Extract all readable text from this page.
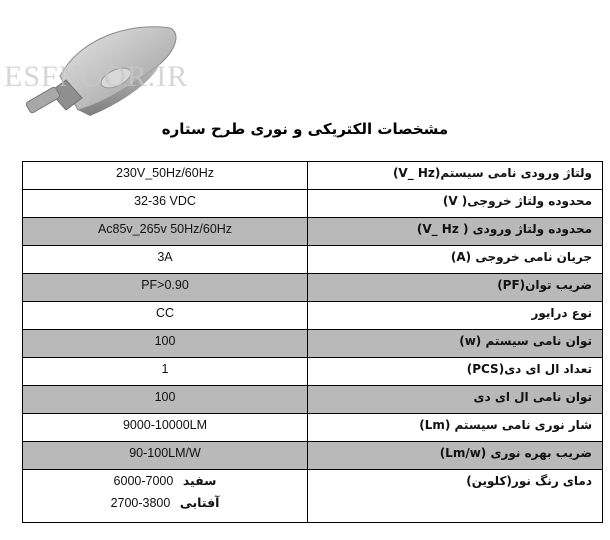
ESFNOOR.IR
مشخصات الکتریکی و نوری طرح ستاره
230V_50Hz/60Hz	ولتاژ ورودی نامی سیستم(V_ Hz)
32-36 VDC	محدوده ولتاژ خروجی( V)
Ac85v_265v 50Hz/60Hz	محدوده ولتاژ ورودی ( V_ Hz)
3A	جریان نامی خروجی (A)
PF>0.90	ضریب توان(PF)
CC	نوع درایور
100	توان نامی سیستم (w)
1	تعداد ال ای دی(PCS)
100	توان نامی ال ای دی
9000-10000LM	شار نوری نامی سیستم (Lm)
90-100LM/W	ضریب بهره نوری (Lm/w)

6000-7000 سفید
2700-3800 آفتابی	دمای رنگ نور(کلوین)
